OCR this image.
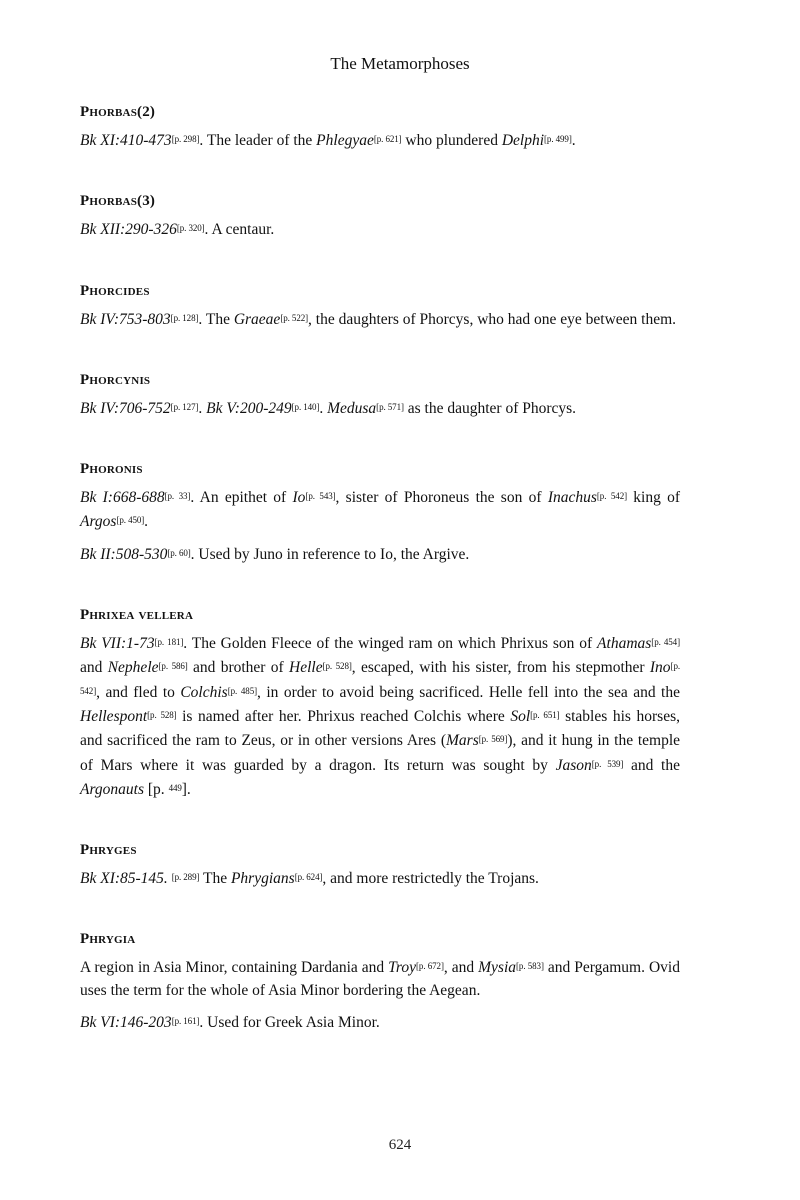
The Metamorphoses
Phorbas(2)

Bk XI:410-473[p. 298]. The leader of the Phlegyae[p. 621] who plundered Delphi[p. 499].

Phorbas(3)

Bk XII:290-326[p. 320]. A centaur.

Phorcides

Bk IV:753-803[p. 128]. The Graeae[p. 522], the daughters of Phorcys, who had one eye between them.

Phorcynis

Bk IV:706-752[p. 127]. Bk V:200-249[p. 140]. Medusa[p. 571] as the daughter of Phorcys.

Phoronis

Bk I:668-688[p. 33]. An epithet of Io[p. 543], sister of Phoroneus the son of Inachus[p. 542] king of Argos[p. 450].

Bk II:508-530[p. 60]. Used by Juno in reference to Io, the Argive.

Phrixea vellera

Bk VII:1-73[p. 181]. The Golden Fleece of the winged ram on which Phrixus son of Athamas[p. 454] and Nephele[p. 586] and brother of Helle[p. 528], escaped, with his sister, from his stepmother Ino[p. 542], and fled to Colchis[p. 485], in order to avoid being sacrificed. Helle fell into the sea and the Hellespont[p. 528] is named after her. Phrixus reached Colchis where Sol[p. 651] stables his horses, and sacrificed the ram to Zeus, or in other versions Ares (Mars[p. 569]), and it hung in the temple of Mars where it was guarded by a dragon. Its return was sought by Jason[p. 539] and the Argonauts [p. 449].

Phryges

Bk XI:85-145. [p. 289] The Phrygians[p. 624], and more restrictedly the Trojans.

Phrygia

A region in Asia Minor, containing Dardania and Troy[p. 672], and Mysia[p. 583] and Pergamum. Ovid uses the term for the whole of Asia Minor bordering the Aegean.

Bk VI:146-203[p. 161]. Used for Greek Asia Minor.

624
